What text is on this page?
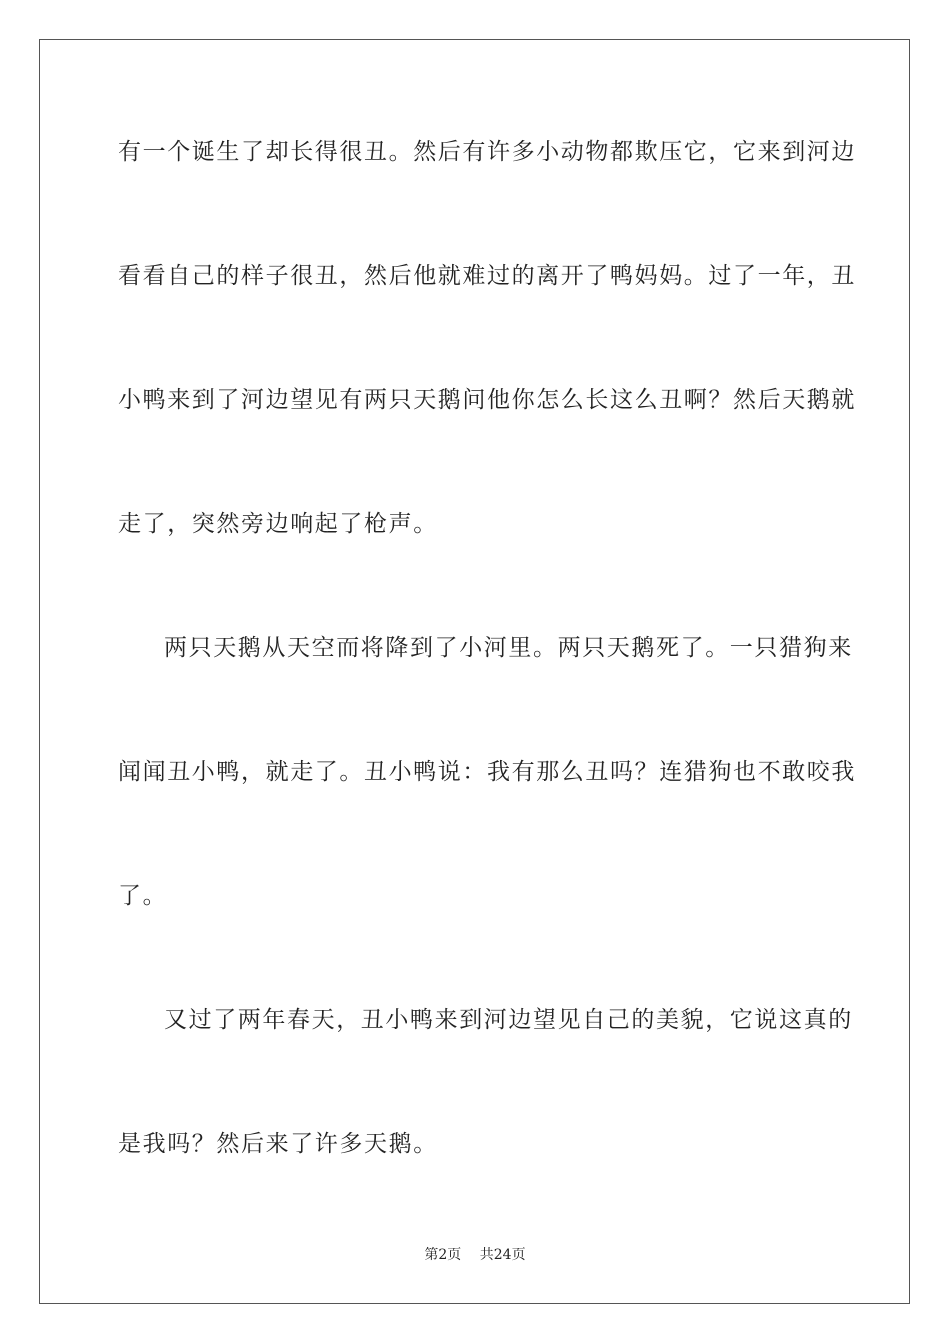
有一个诞生了却长得很丑。然后有许多小动物都欺压它，它来到河边
看看自己的样子很丑，然后他就难过的离开了鸭妈妈。过了一年，丑
小鸭来到了河边望见有两只天鹅问他你怎么长这么丑啊？然后天鹅就
走了，突然旁边响起了枪声。
两只天鹅从天空而将降到了小河里。两只天鹅死了。一只猎狗来
闻闻丑小鸭，就走了。丑小鸭说：我有那么丑吗？连猎狗也不敢咬我
了。
又过了两年春天，丑小鸭来到河边望见自己的美貌，它说这真的
是我吗？然后来了许多天鹅。
第2页 共24页
